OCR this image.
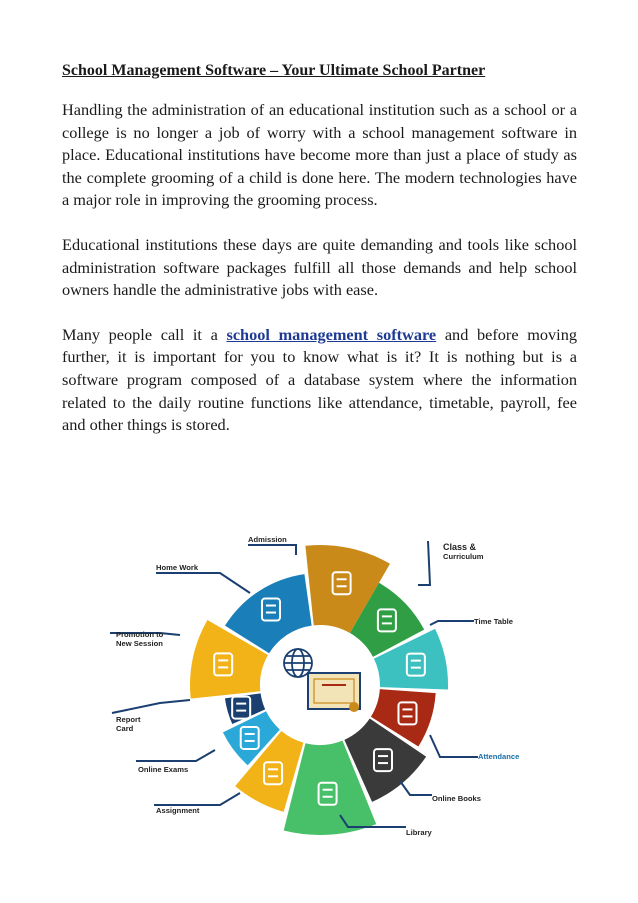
School Management Software – Your Ultimate School Partner

Handling the administration of an educational institution such as a school or a college is no longer a job of worry with a school management software in place. Educational institutions have become more than just a place of study as the complete grooming of a child is done here. The modern technologies have a major role in improving the grooming process.

Educational institutions these days are quite demanding and tools like school administration software packages fulfill all those demands and help school owners handle the administrative jobs with ease.

Many people call it a school management software and before moving further, it is important for you to know what is it? It is nothing but is a software program composed of a database system where the information related to the daily routine functions like attendance, timetable, payroll, fee and other things is stored.

Admission
Class &
Curriculum
Home Work
Time Table
Promotion to
New Session
Report
Card
Attendance
Online Exams
Online Books
Assignment
Library
